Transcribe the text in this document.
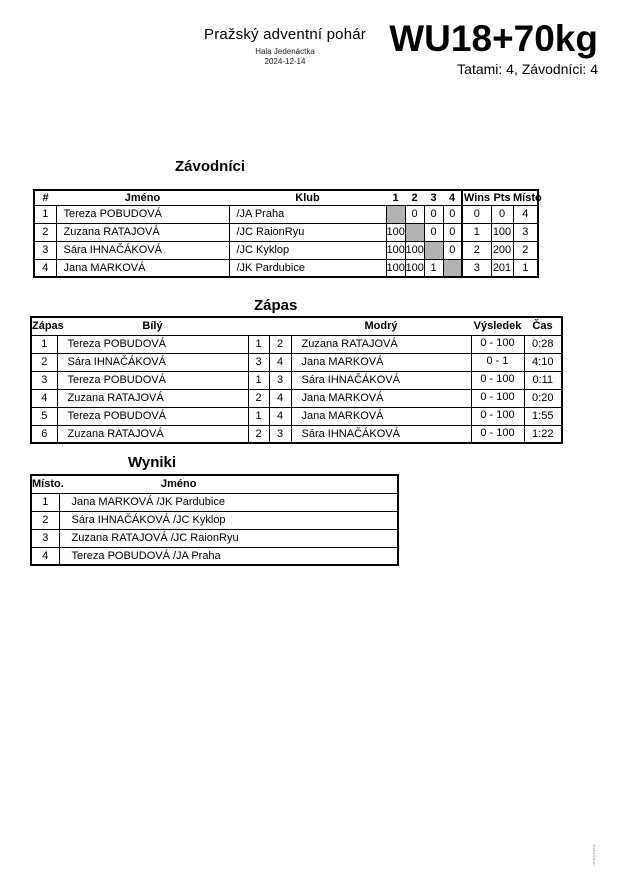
Pražský adventní pohár
Hala Jedenáctka
2024-12-14
WU18+70kg
Tatami: 4, Závodníci: 4
Závodníci
#	Jméno	Klub	1	2	3	4	Wins	Pts	Místo
1	Tereza POBUDOVÁ	/JA Praha		0	0	0	0	0	4
2	Zuzana RATAJOVÁ	/JC RaionRyu	100		0	0	1	100	3
3	Sára IHNAČÁKOVÁ	/JC Kyklop	100	100		0	2	200	2
4	Jana MARKOVÁ	/JK Pardubice	100	100	1		3	201	1
Zápas
Zápas	Bílý			Modrý	Výsledek	Čas
1	Tereza POBUDOVÁ	1	2	Zuzana RATAJOVÁ	0 - 100	0:28
2	Sára IHNAČÁKOVÁ	3	4	Jana MARKOVÁ	0 - 1	4:10
3	Tereza POBUDOVÁ	1	3	Sára IHNAČÁKOVÁ	0 - 100	0:11
4	Zuzana RATAJOVÁ	2	4	Jana MARKOVÁ	0 - 100	0:20
5	Tereza POBUDOVÁ	1	4	Jana MARKOVÁ	0 - 100	1:55
6	Zuzana RATAJOVÁ	2	3	Sára IHNAČÁKOVÁ	0 - 100	1:22
Wyniki
Místo.	Jméno
1	Jana MARKOVÁ /JK Pardubice
2	Sára IHNAČÁKOVÁ /JC Kyklop
3	Zuzana RATAJOVÁ /JC RaionRyu
4	Tereza POBUDOVÁ /JA Praha
JudoShiai
